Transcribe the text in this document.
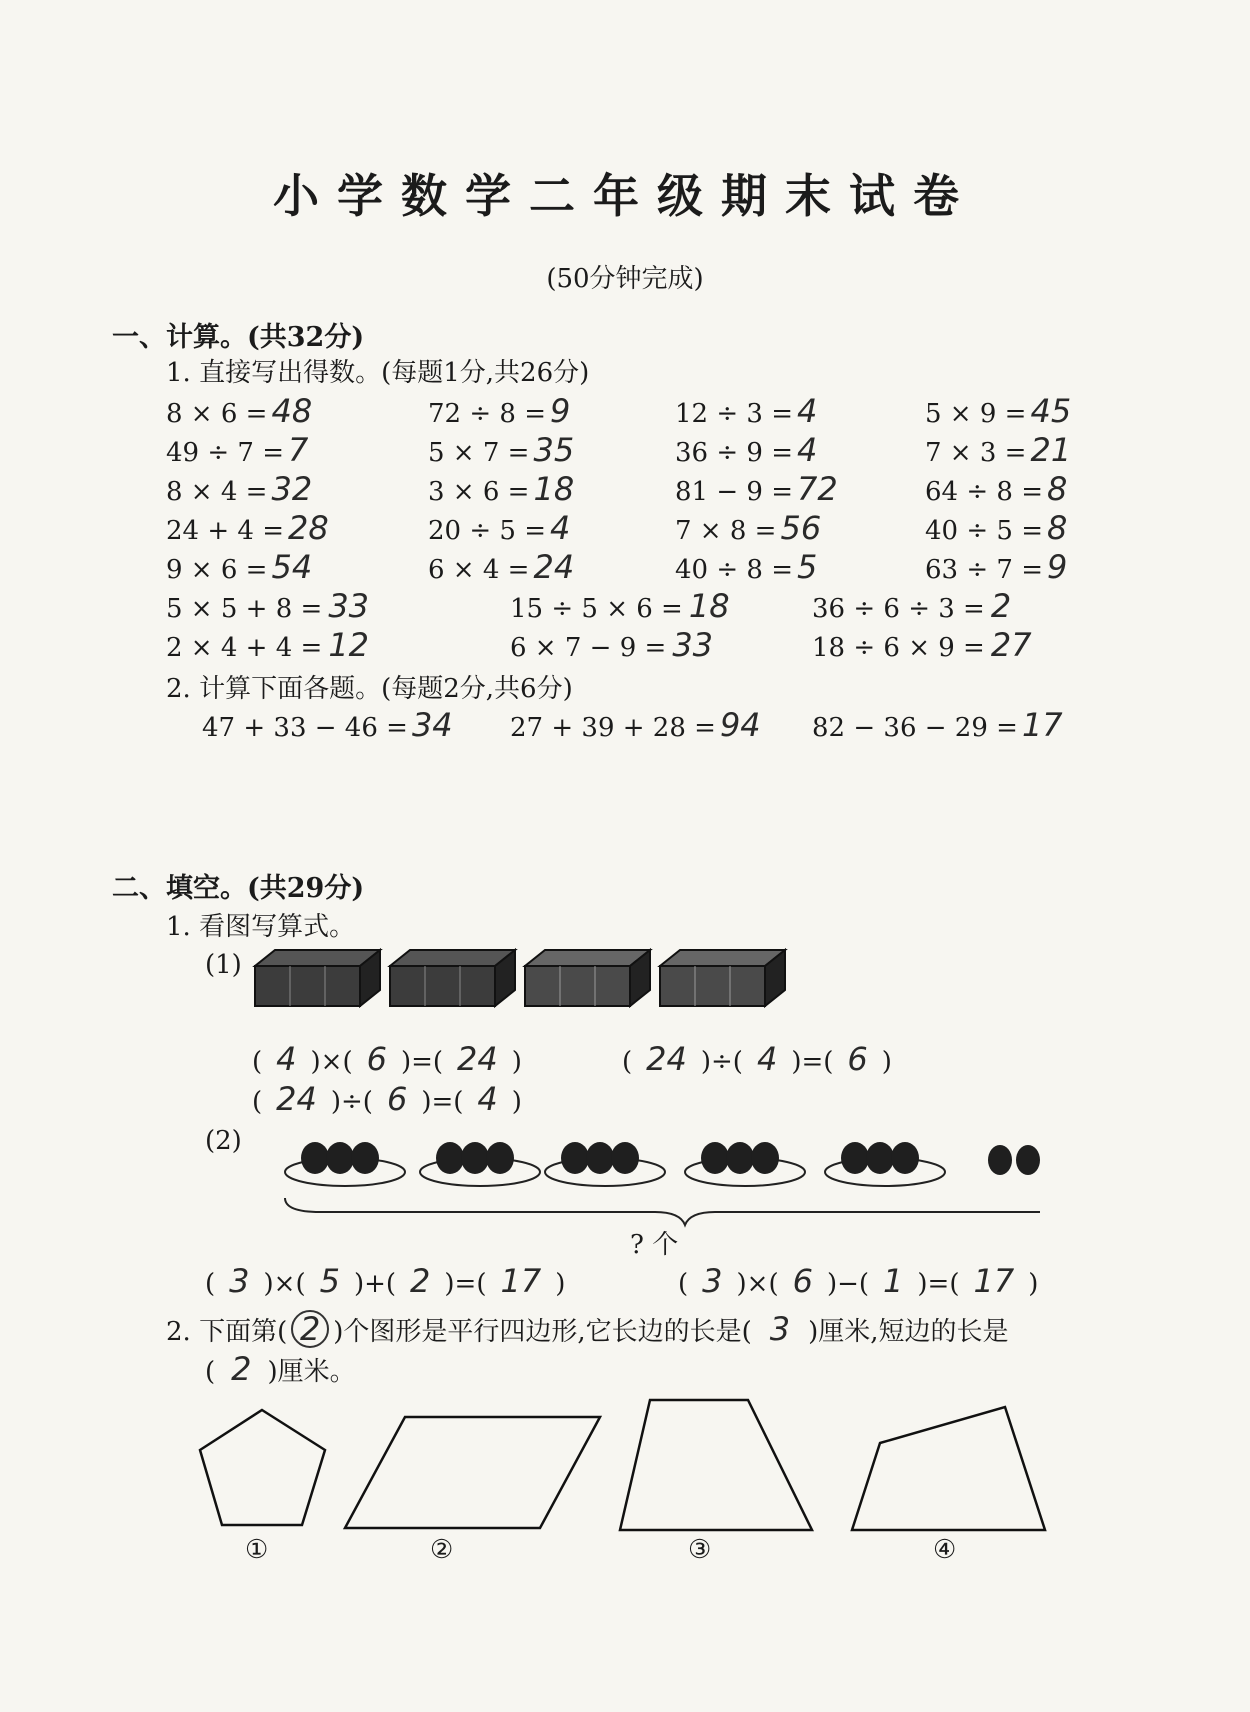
小学数学二年级期末试卷
(50分钟完成)
一、计算。(共32分)
1. 直接写出得数。(每题1分,共26分)
8 × 6 = 48	72 ÷ 8 = 9	12 ÷ 3 = 4	5 × 9 = 45
49 ÷ 7 = 7	5 × 7 = 35	36 ÷ 9 = 4	7 × 3 = 21
8 × 4 = 32	3 × 6 = 18	81 − 9 = 72	64 ÷ 8 = 8
24 + 4 = 28	20 ÷ 5 = 4	7 × 8 = 56	40 ÷ 5 = 8
9 × 6 = 54	6 × 4 = 24	40 ÷ 8 = 5	63 ÷ 7 = 9
5 × 5 + 8 = 33	15 ÷ 5 × 6 = 18	36 ÷ 6 ÷ 3 = 2
2 × 4 + 4 = 12	6 × 7 − 9 = 33	18 ÷ 6 × 9 = 27
2. 计算下面各题。(每题2分,共6分)
47 + 33 − 46 = 34	27 + 39 + 28 = 94	82 − 36 − 29 = 17
二、填空。(共29分)
1. 看图写算式。
(1)
( 4 )×( 6 )=( 24 )	( 24 )÷( 4 )=( 6 )
( 24 )÷( 6 )=( 4 )
(2)
? 个
( 3 )×( 5 )+( 2 )=( 17 )	( 3 )×( 6 )−( 1 )=( 17 )
2. 下面第( 2 )个图形是平行四边形,它长边的长是( 3 )厘米,短边的长是
( 2 )厘米。
①	②	③	④
